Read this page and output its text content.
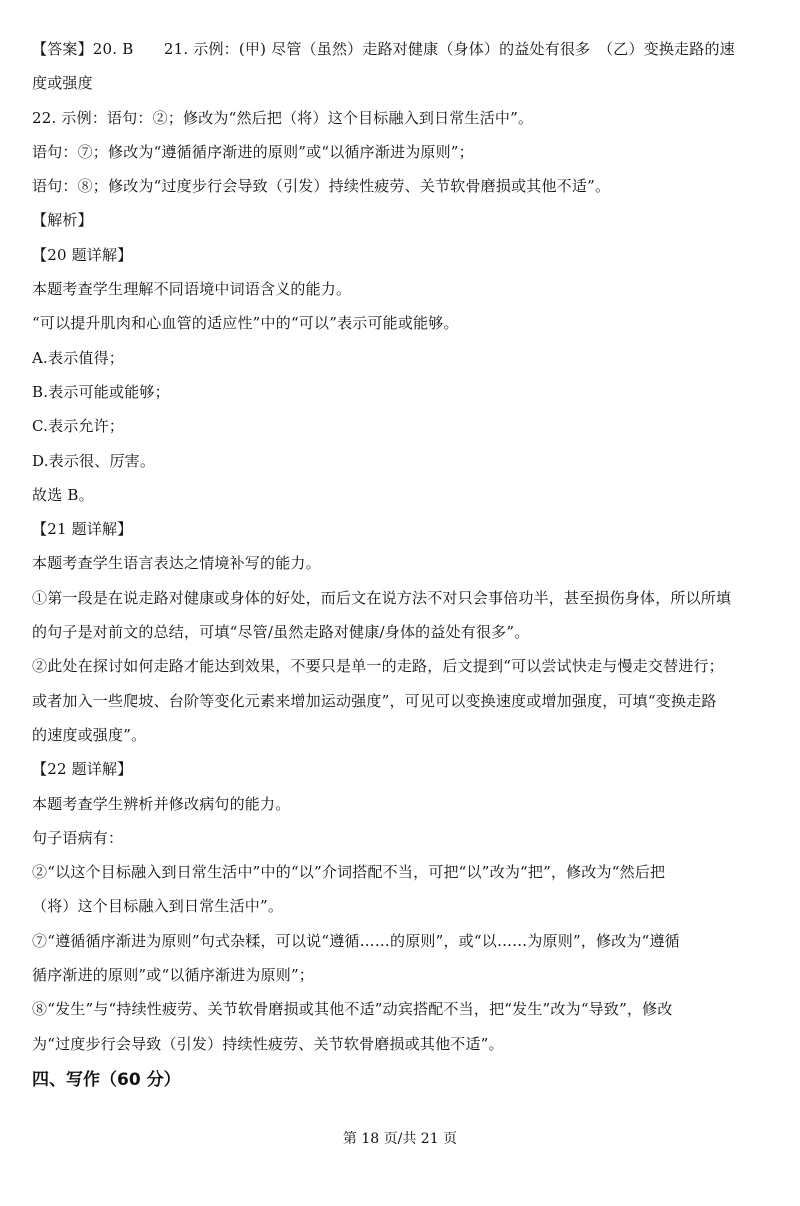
【答案】20. B　　21. 示例：(甲) 尽管（虽然）走路对健康（身体）的益处有很多　（乙）变换走路的速
度或强度
22. 示例：语句：②；修改为“然后把（将）这个目标融入到日常生活中”。
语句：⑦；修改为“遵循循序渐进的原则”或“以循序渐进为原则”；
语句：⑧；修改为“过度步行会导致（引发）持续性疲劳、关节软骨磨损或其他不适”。
【解析】
【20 题详解】
本题考查学生理解不同语境中词语含义的能力。
“可以提升肌肉和心血管的适应性”中的“可以”表示可能或能够。
A.表示值得；
B.表示可能或能够；
C.表示允许；
D.表示很、厉害。
故选 B。
【21 题详解】
本题考查学生语言表达之情境补写的能力。
①第一段是在说走路对健康或身体的好处，而后文在说方法不对只会事倍功半，甚至损伤身体，所以所填
的句子是对前文的总结，可填“尽管/虽然走路对健康/身体的益处有很多”。
②此处在探讨如何走路才能达到效果，不要只是单一的走路，后文提到“可以尝试快走与慢走交替进行；
或者加入一些爬坡、台阶等变化元素来增加运动强度”，可见可以变换速度或增加强度，可填“变换走路
的速度或强度”。
【22 题详解】
本题考查学生辨析并修改病句的能力。
句子语病有：
②“以这个目标融入到日常生活中”中的“以”介词搭配不当，可把“以”改为“把”，修改为“然后把
（将）这个目标融入到日常生活中”。
⑦“遵循循序渐进为原则”句式杂糅，可以说“遵循……的原则”，或“以……为原则”，修改为“遵循
循序渐进的原则”或“以循序渐进为原则”；
⑧“发生”与“持续性疲劳、关节软骨磨损或其他不适”动宾搭配不当，把“发生”改为“导致”，修改
为“过度步行会导致（引发）持续性疲劳、关节软骨磨损或其他不适”。
四、写作（60 分）
第 18 页/共 21 页
